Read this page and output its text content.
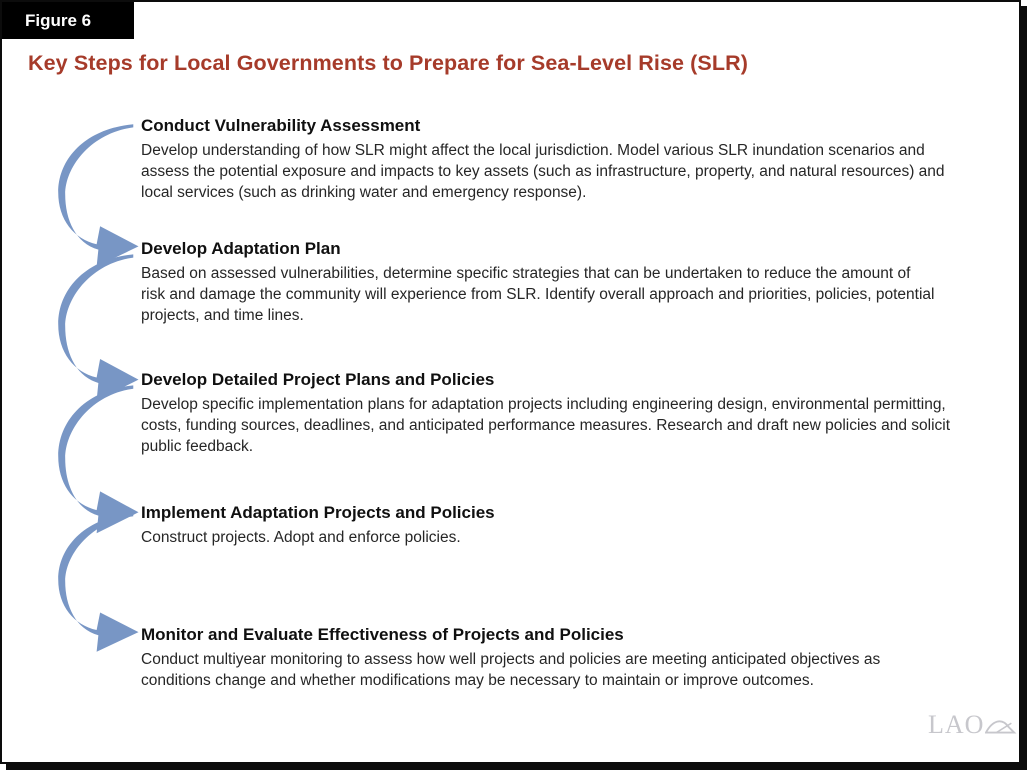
Figure 6
Key Steps for Local Governments to Prepare for Sea-Level Rise (SLR)
Conduct Vulnerability Assessment
Develop understanding of how SLR might affect the local jurisdiction. Model various SLR inundation scenarios and
assess the potential exposure and impacts to key assets (such as infrastructure, property, and natural resources) and
local services (such as drinking water and emergency response).
Develop Adaptation Plan
Based on assessed vulnerabilities, determine specific strategies that can be undertaken to reduce the amount of
risk and damage the community will experience from SLR. Identify overall approach and priorities, policies, potential
projects, and time lines.
Develop Detailed Project Plans and Policies
Develop specific implementation plans for adaptation projects including engineering design, environmental permitting,
costs, funding sources, deadlines, and anticipated performance measures. Research and draft new policies and solicit
public feedback.
Implement Adaptation Projects and Policies
Construct projects. Adopt and enforce policies.
Monitor and Evaluate Effectiveness of Projects and Policies
Conduct multiyear monitoring to assess how well projects and policies are meeting anticipated objectives as
conditions change and whether modifications may be necessary to maintain or improve outcomes.
LAO
